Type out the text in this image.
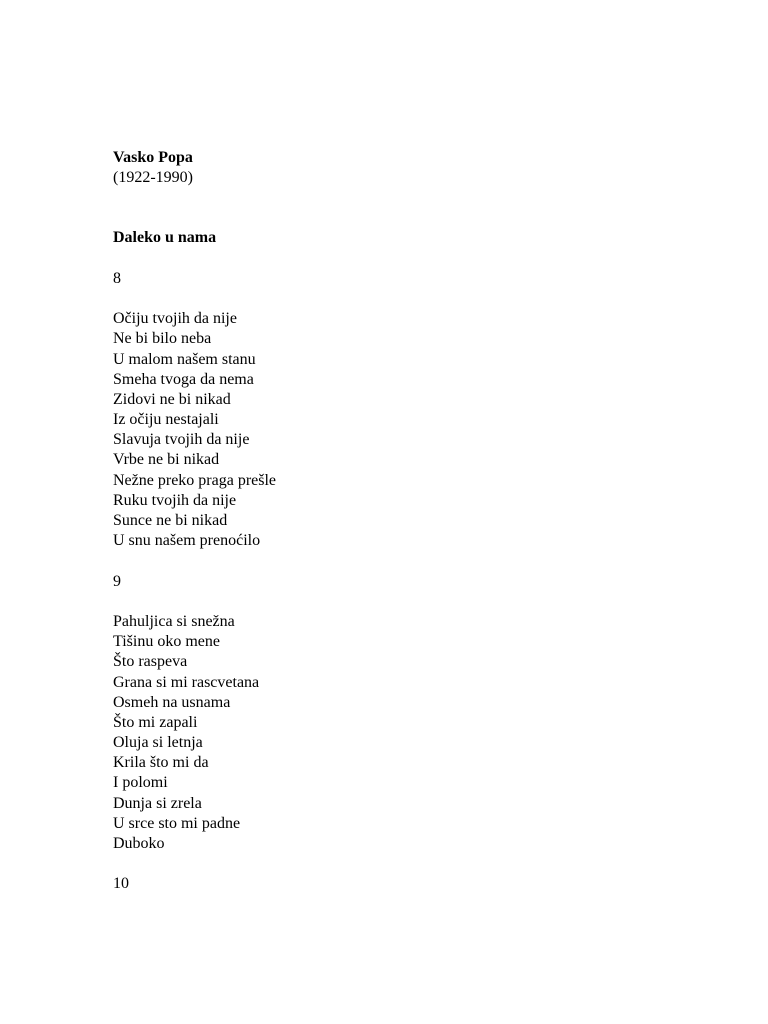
Vasko Popa
(1922-1990)
Daleko u nama
8
Očiju tvojih da nije
Ne bi bilo neba
U malom našem stanu
Smeha tvoga da nema
Zidovi ne bi nikad
Iz očiju nestajali
Slavuja tvojih da nije
Vrbe ne bi nikad
Nežne preko praga prešle
Ruku tvojih da nije
Sunce ne bi nikad
U snu našem prenoćilo
9
Pahuljica si snežna
Tišinu oko mene
Što raspeva
Grana si mi rascvetana
Osmeh na usnama
Što mi zapali
Oluja si letnja
Krila što mi da
I polomi
Dunja si zrela
U srce sto mi padne
Duboko
10
